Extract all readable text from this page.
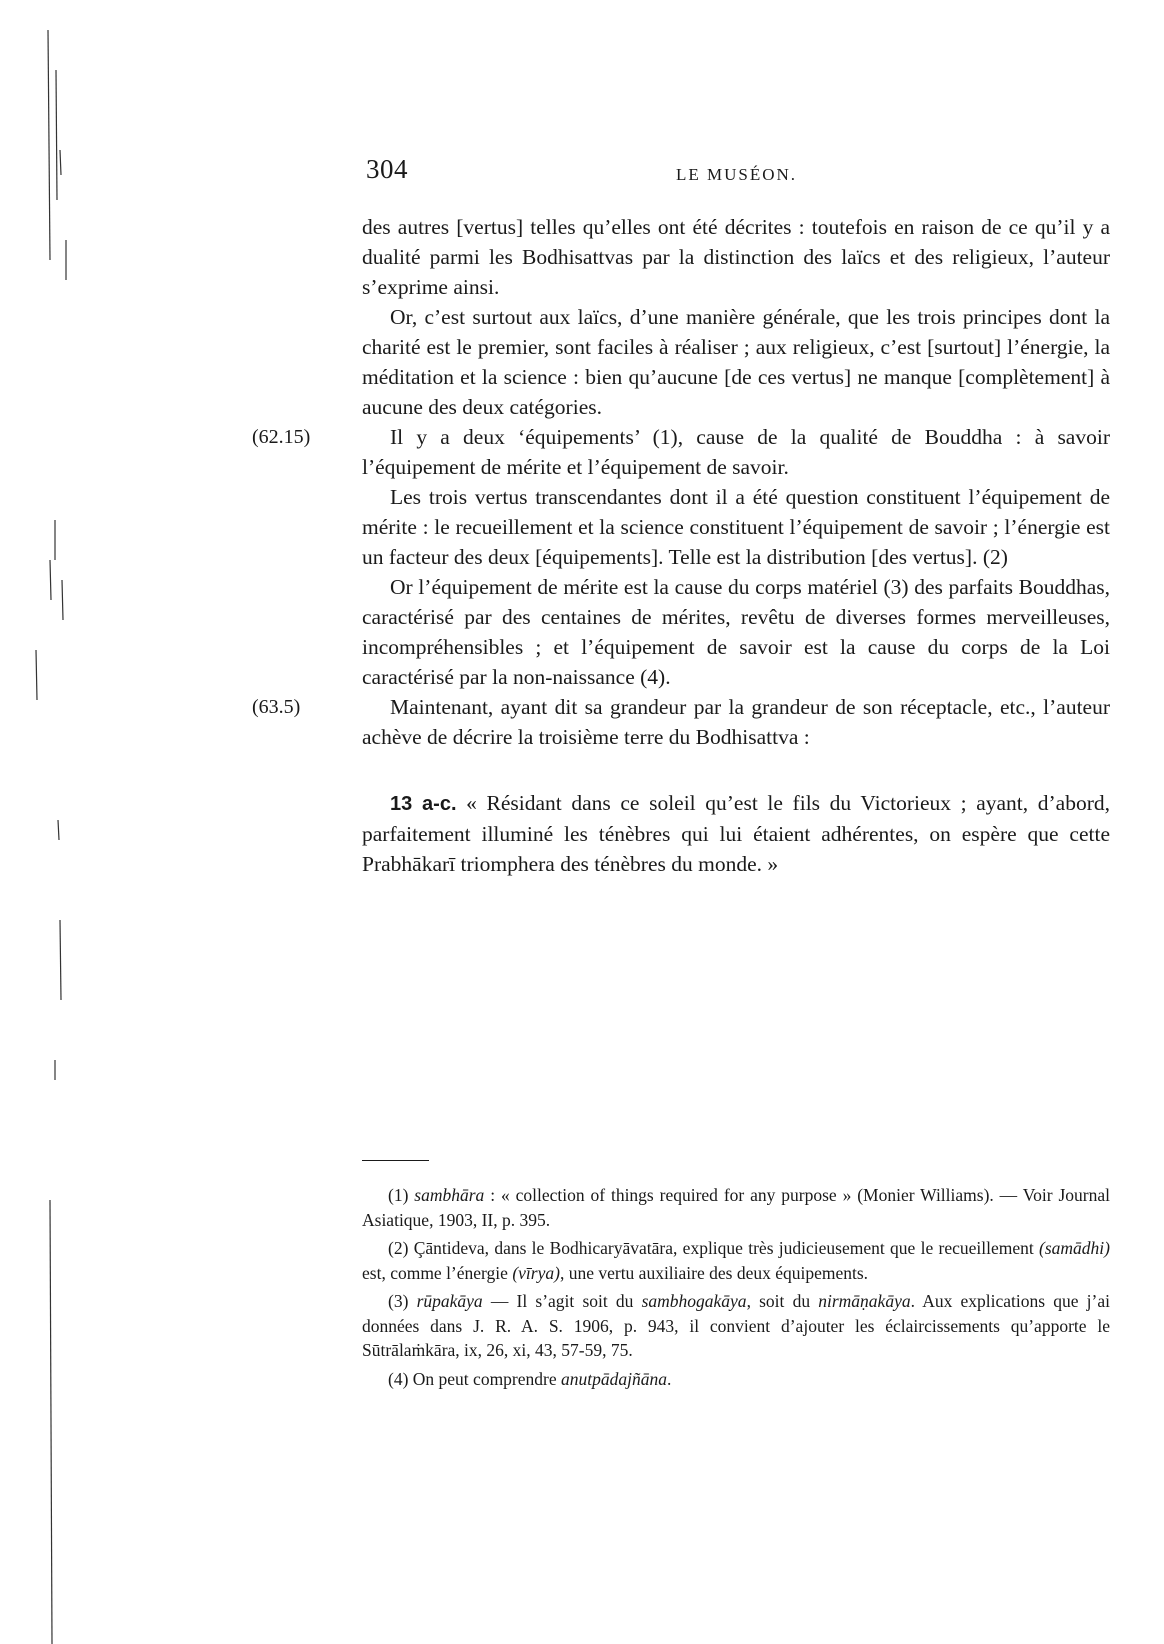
304	LE MUSÉON.

des autres [vertus] telles qu’elles ont été décrites : toutefois en raison de ce qu’il y a dualité parmi les Bodhisattvas par la distinction des laïcs et des religieux, l’auteur s’exprime ainsi.

Or, c’est surtout aux laïcs, d’une manière générale, que les trois principes dont la charité est le premier, sont faciles à réaliser ; aux religieux, c’est [surtout] l’énergie, la méditation et la science : bien qu’aucune [de ces vertus] ne manque [complètement] à aucune des deux catégories.

(62.15)	Il y a deux ‘équipements’ (1), cause de la qualité de Bouddha : à savoir l’équipement de mérite et l’équipement de savoir.

Les trois vertus transcendantes dont il a été question constituent l’équipement de mérite : le recueillement et la science constituent l’équipement de savoir ; l’énergie est un facteur des deux [équipements]. Telle est la distribution [des vertus]. (2)

Or l’équipement de mérite est la cause du corps matériel (3) des parfaits Bouddhas, caractérisé par des centaines de mérites, revêtu de diverses formes merveilleuses, incompréhensibles ; et l’équipement de savoir est la cause du corps de la Loi caractérisé par la non-naissance (4).

(63.5)	Maintenant, ayant dit sa grandeur par la grandeur de son réceptacle, etc., l’auteur achève de décrire la troisième terre du Bodhisattva :

13 a-c. « Résidant dans ce soleil qu’est le fils du Victorieux ; ayant, d’abord, parfaitement illuminé les ténèbres qui lui étaient adhérentes, on espère que cette Prabhākarī triomphera des ténèbres du monde. »

(1) sambhāra : « collection of things required for any purpose » (Monier Williams). — Voir Journal Asiatique, 1903, II, p. 395.

(2) Çāntideva, dans le Bodhicaryāvatāra, explique très judicieusement que le recueillement (samādhi) est, comme l’énergie (vīrya), une vertu auxiliaire des deux équipements.

(3) rūpakāya — Il s’agit soit du sambhogakāya, soit du nirmāṇakāya. Aux explications que j’ai données dans J. R. A. S. 1906, p. 943, il convient d’ajouter les éclaircissements qu’apporte le Sūtrālaṁkāra, ix, 26, xi, 43, 57-59, 75.

(4) On peut comprendre anutpādajñāna.
